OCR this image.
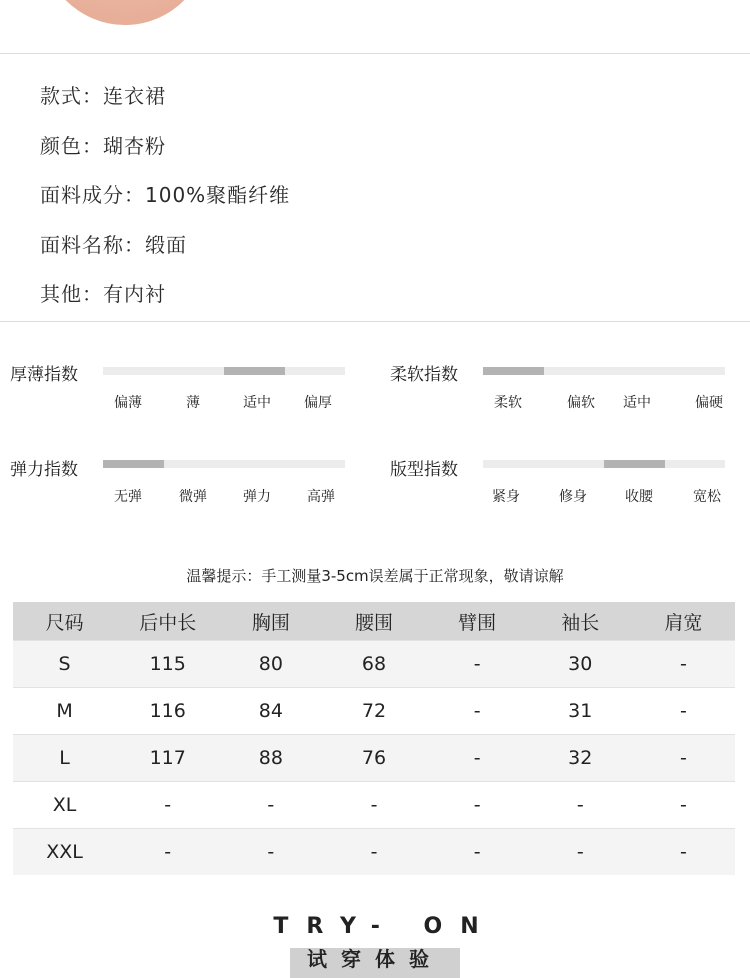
款式：连衣裙
颜色：瑚杏粉
面料成分：100%聚酯纤维
面料名称：缎面
其他：有内衬
厚薄指数
偏薄	薄	适中	偏厚
柔软指数
柔软	偏软	适中	偏硬
弹力指数
无弹	微弹	弹力	高弹
版型指数
紧身	修身	收腰	宽松
温馨提示：手工测量3-5cm误差属于正常现象，敬请谅解
尺码	后中长	胸围	腰围	臂围	袖长	肩宽
S	115	80	68	-	30	-
M	116	84	72	-	31	-
L	117	88	76	-	32	-
XL	-	-	-	-	-	-
XXL	-	-	-	-	-	-
TRY- ON
试穿体验
